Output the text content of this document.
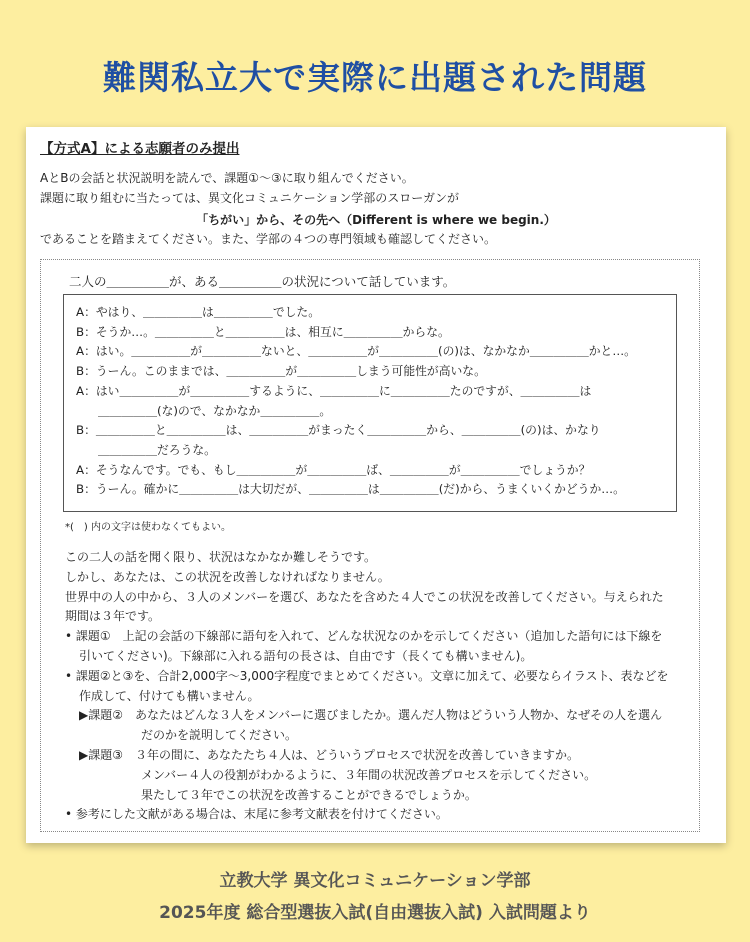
難関私立大で実際に出題された問題
【方式A】による志願者のみ提出
AとBの会話と状況説明を読んで、課題①〜③に取り組んでください。
課題に取り組むに当たっては、異文化コミュニケーション学部のスローガンが
「ちがい」から、その先へ（Different is where we begin.）
であることを踏まえてください。また、学部の４つの専門領域も確認してください。
二人の＿＿＿＿＿が、ある＿＿＿＿＿の状況について話しています。
A：やはり、＿＿＿＿＿は＿＿＿＿＿でした。
B：そうか…。＿＿＿＿＿と＿＿＿＿＿は、相互に＿＿＿＿＿からな。
A：はい。＿＿＿＿＿が＿＿＿＿＿ないと、＿＿＿＿＿が＿＿＿＿＿(の)は、なかなか＿＿＿＿＿かと…。
B：うーん。このままでは、＿＿＿＿＿が＿＿＿＿＿しまう可能性が高いな。
A：はい＿＿＿＿＿が＿＿＿＿＿するように、＿＿＿＿＿に＿＿＿＿＿たのですが、＿＿＿＿＿は
＿＿＿＿＿(な)ので、なかなか＿＿＿＿＿。
B：＿＿＿＿＿と＿＿＿＿＿は、＿＿＿＿＿がまったく＿＿＿＿＿から、＿＿＿＿＿(の)は、かなり
＿＿＿＿＿だろうな。
A：そうなんです。でも、もし＿＿＿＿＿が＿＿＿＿＿ば、＿＿＿＿＿が＿＿＿＿＿でしょうか？
B：うーん。確かに＿＿＿＿＿は大切だが、＿＿＿＿＿は＿＿＿＿＿(だ)から、うまくいくかどうか…。
*(　) 内の文字は使わなくてもよい。
この二人の話を聞く限り、状況はなかなか難しそうです。
しかし、あなたは、この状況を改善しなければなりません。
世界中の人の中から、３人のメンバーを選び、あなたを含めた４人でこの状況を改善してください。与えられた
期間は３年です。
• 課題①　上記の会話の下線部に語句を入れて、どんな状況なのかを示してください（追加した語句には下線を
引いてください)。下線部に入れる語句の長さは、自由です（長くても構いません)。
• 課題②と③を、合計2,000字〜3,000字程度でまとめてください。文章に加えて、必要ならイラスト、表などを
作成して、付けても構いません。
▶課題②　あなたはどんな３人をメンバーに選びましたか。選んだ人物はどういう人物か、なぜその人を選ん
だのかを説明してください。
▶課題③　３年の間に、あなたたち４人は、どういうプロセスで状況を改善していきますか。
メンバー４人の役割がわかるように、３年間の状況改善プロセスを示してください。
果たして３年でこの状況を改善することができるでしょうか。
• 参考にした文献がある場合は、末尾に参考文献表を付けてください。
立教大学 異文化コミュニケーション学部
2025年度 総合型選抜入試(自由選抜入試) 入試問題より
